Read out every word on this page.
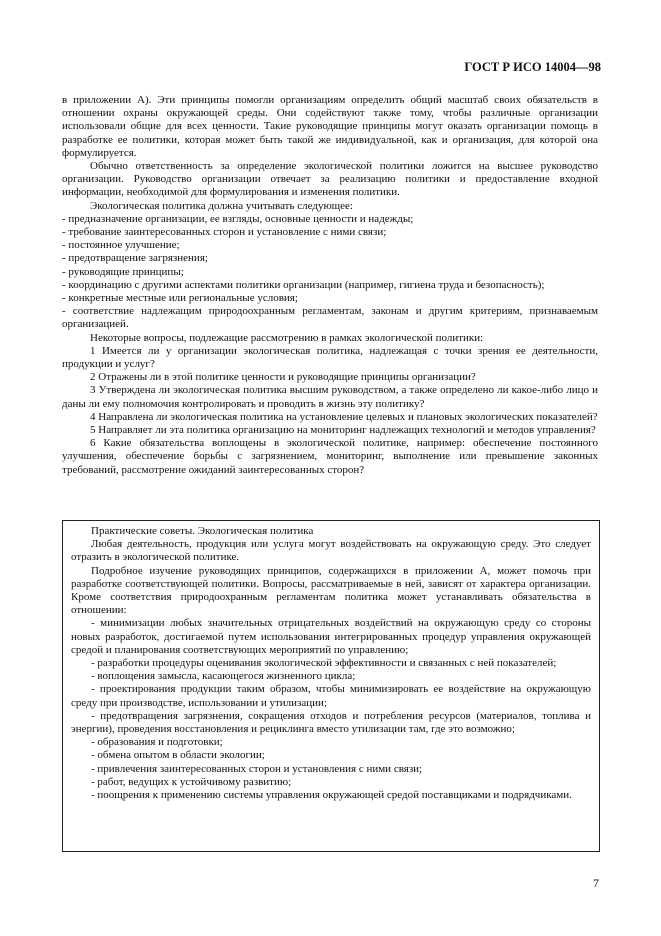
ГОСТ Р ИСО 14004—98

в приложении А). Эти принципы помогли организациям определить общий масштаб своих обязательств в отношении охраны окружающей среды. Они содействуют также тому, чтобы различные организации использовали общие для всех ценности. Такие руководящие принципы могут оказать организации помощь в разработке ее политики, которая может быть такой же индивидуальной, как и организация, для которой она формулируется.

Обычно ответственность за определение экологической политики ложится на высшее руководство организации. Руководство организации отвечает за реализацию политики и предоставление входной информации, необходимой для формулирования и изменения политики.

Экологическая политика должна учитывать следующее:

- предназначение организации, ее взгляды, основные ценности и надежды;

- требование заинтересованных сторон и установление с ними связи;

- постоянное улучшение;

- предотвращение загрязнения;

- руководящие принципы;

- координацию с другими аспектами политики организации (например, гигиена труда и безопасность);

- конкретные местные или региональные условия;

- соответствие надлежащим природоохранным регламентам, законам и другим критериям, признаваемым организацией.

Некоторые вопросы, подлежащие рассмотрению в рамках экологической политики:

1 Имеется ли у организации экологическая политика, надлежащая с точки зрения ее деятельности, продукции и услуг?

2 Отражены ли в этой политике ценности и руководящие принципы организации?

3 Утверждена ли экологическая политика высшим руководством, а также определено ли какое-либо лицо и даны ли ему полномочия контролировать и проводить в жизнь эту политику?

4 Направлена ли экологическая политика на установление целевых и плановых экологических показателей?

5 Направляет ли эта политика организацию на мониторинг надлежащих технологий и методов управления?

6 Какие обязательства воплощены в экологической политике, например: обеспечение постоянного улучшения, обеспечение борьбы с загрязнением, мониторинг, выполнение или превышение законных требований, рассмотрение ожиданий заинтересованных сторон?

Практические советы. Экологическая политика

Любая деятельность, продукция или услуга могут воздействовать на окружающую среду. Это следует отразить в экологической политике.

Подробное изучение руководящих принципов, содержащихся в приложении А, может помочь при разработке соответствующей политики. Вопросы, рассматриваемые в ней, зависят от характера организации. Кроме соответствия природоохранным регламентам политика может устанавливать обязательства в отношении:

- минимизации любых значительных отрицательных воздействий на окружающую среду со стороны новых разработок, достигаемой путем использования интегрированных процедур управления окружающей средой и планирования соответствующих мероприятий по управлению;

- разработки процедуры оценивания экологической эффективности и связанных с ней показателей;

- воплощения замысла, касающегося жизненного цикла;

- проектирования продукции таким образом, чтобы минимизировать ее воздействие на окружающую среду при производстве, использовании и утилизации;

- предотвращения загрязнения, сокращения отходов и потребления ресурсов (материалов, топлива и энергии), проведения восстановления и рециклинга вместо утилизации там, где это возможно;

- образования и подготовки;

- обмена опытом в области экологии;

- привлечения заинтересованных сторон и установления с ними связи;

- работ, ведущих к устойчивому развитию;

- поощрения к применению системы управления окружающей средой поставщиками и подрядчиками.

7
